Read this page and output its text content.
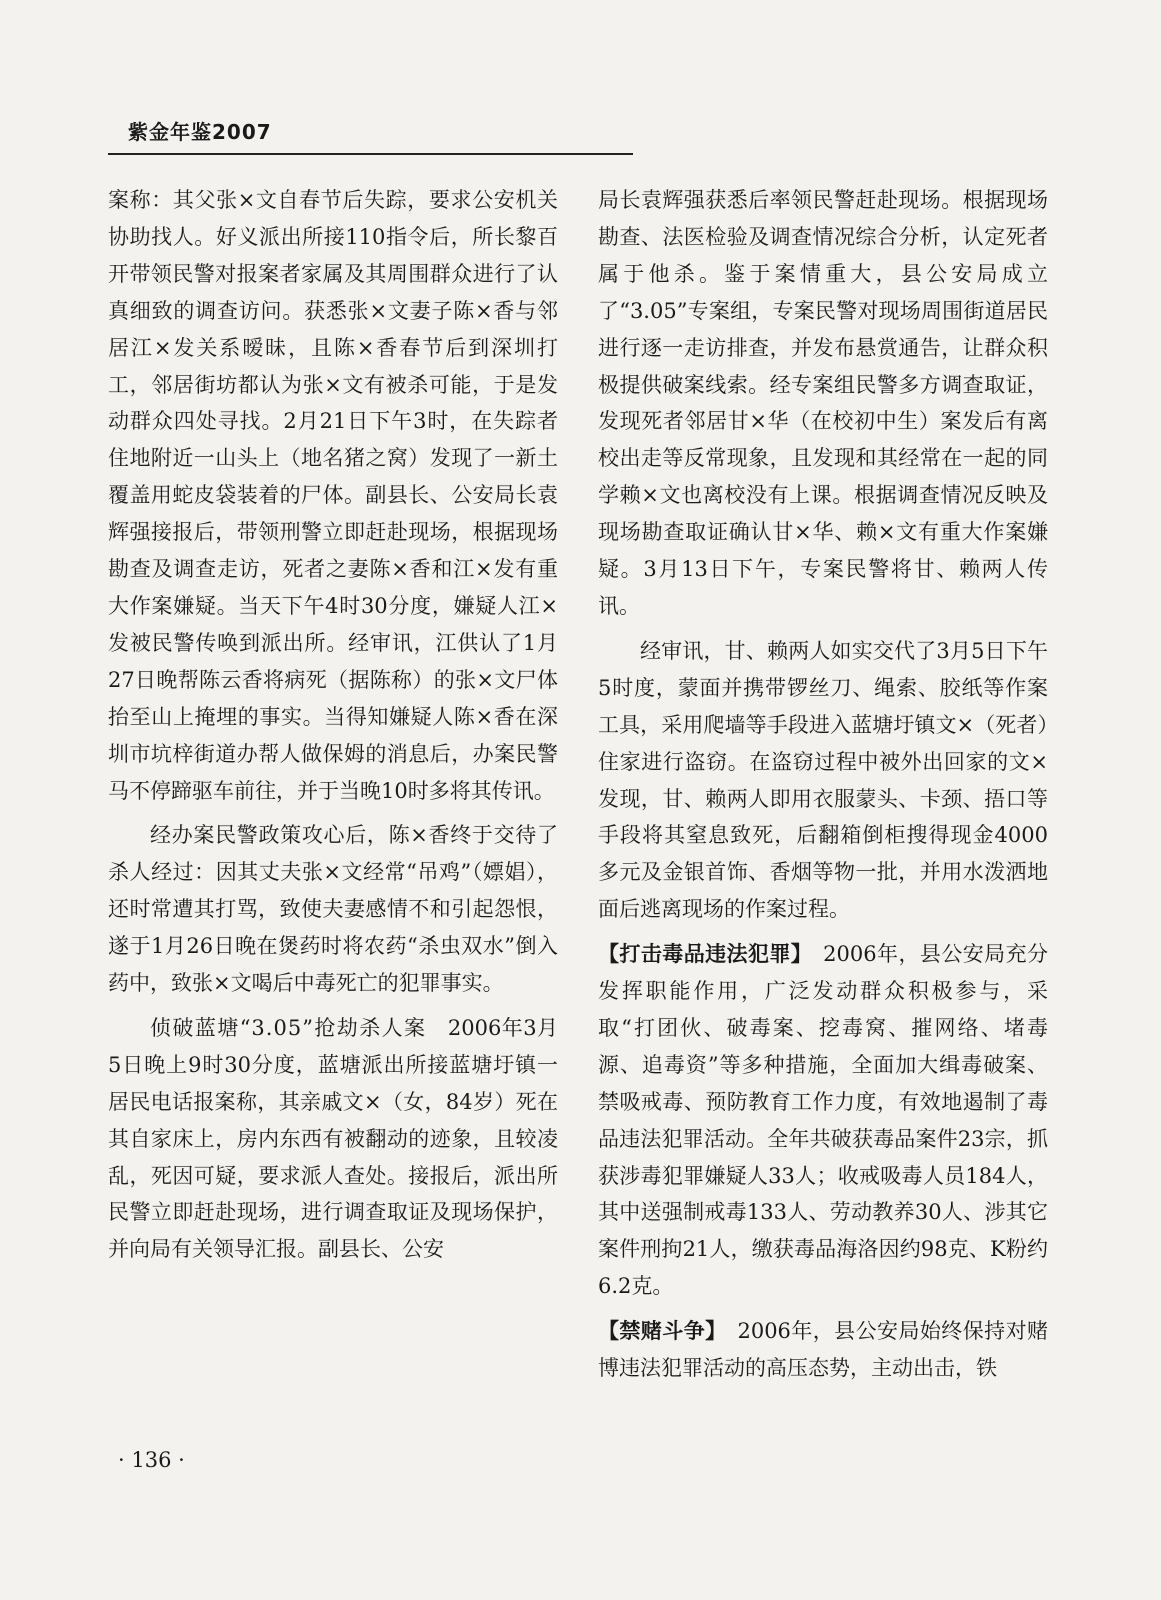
紫金年鉴2007

案称：其父张×文自春节后失踪，要求公安机关协助找人。好义派出所接110指令后，所长黎百开带领民警对报案者家属及其周围群众进行了认真细致的调查访问。获悉张×文妻子陈×香与邻居江×发关系暧昧，且陈×香春节后到深圳打工，邻居街坊都认为张×文有被杀可能，于是发动群众四处寻找。2月21日下午3时，在失踪者住地附近一山头上（地名猪之窝）发现了一新土覆盖用蛇皮袋装着的尸体。副县长、公安局长袁辉强接报后，带领刑警立即赶赴现场，根据现场勘查及调查走访，死者之妻陈×香和江×发有重大作案嫌疑。当天下午4时30分度，嫌疑人江×发被民警传唤到派出所。经审讯，江供认了1月27日晚帮陈云香将病死（据陈称）的张×文尸体抬至山上掩埋的事实。当得知嫌疑人陈×香在深圳市坑梓街道办帮人做保姆的消息后，办案民警马不停蹄驱车前往，并于当晚10时多将其传讯。

经办案民警政策攻心后，陈×香终于交待了杀人经过：因其丈夫张×文经常“吊鸡”（嫖娼），还时常遭其打骂，致使夫妻感情不和引起怨恨，遂于1月26日晚在煲药时将农药“杀虫双水”倒入药中，致张×文喝后中毒死亡的犯罪事实。

侦破蓝塘“3.05”抢劫杀人案　2006年3月5日晚上9时30分度，蓝塘派出所接蓝塘圩镇一居民电话报案称，其亲戚文×（女，84岁）死在其自家床上，房内东西有被翻动的迹象，且较凌乱，死因可疑，要求派人查处。接报后，派出所民警立即赶赴现场，进行调查取证及现场保护，并向局有关领导汇报。副县长、公安

局长袁辉强获悉后率领民警赶赴现场。根据现场勘查、法医检验及调查情况综合分析，认定死者属于他杀。鉴于案情重大，县公安局成立了“3.05”专案组，专案民警对现场周围街道居民进行逐一走访排查，并发布悬赏通告，让群众积极提供破案线索。经专案组民警多方调查取证，发现死者邻居甘×华（在校初中生）案发后有离校出走等反常现象，且发现和其经常在一起的同学赖×文也离校没有上课。根据调查情况反映及现场勘查取证确认甘×华、赖×文有重大作案嫌疑。3月13日下午，专案民警将甘、赖两人传讯。

经审讯，甘、赖两人如实交代了3月5日下午5时度，蒙面并携带锣丝刀、绳索、胶纸等作案工具，采用爬墙等手段进入蓝塘圩镇文×（死者）住家进行盗窃。在盗窃过程中被外出回家的文×发现，甘、赖两人即用衣服蒙头、卡颈、捂口等手段将其窒息致死，后翻箱倒柜搜得现金4000多元及金银首饰、香烟等物一批，并用水泼洒地面后逃离现场的作案过程。

【打击毒品违法犯罪】　2006年，县公安局充分发挥职能作用，广泛发动群众积极参与，采取“打团伙、破毒案、挖毒窝、摧网络、堵毒源、追毒资”等多种措施，全面加大缉毒破案、禁吸戒毒、预防教育工作力度，有效地遏制了毒品违法犯罪活动。全年共破获毒品案件23宗，抓获涉毒犯罪嫌疑人33人；收戒吸毒人员184人，其中送强制戒毒133人、劳动教养30人、涉其它案件刑拘21人，缴获毒品海洛因约98克、K粉约6.2克。

【禁赌斗争】　2006年，县公安局始终保持对赌博违法犯罪活动的高压态势，主动出击，铁

· 136 ·
